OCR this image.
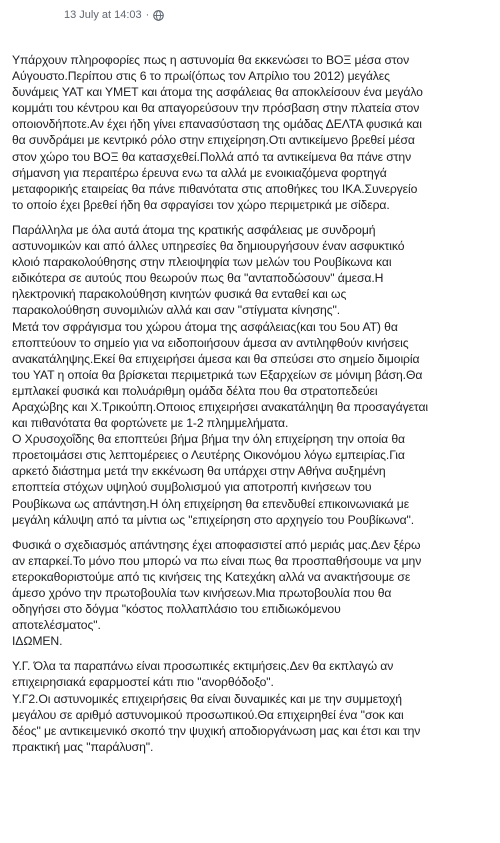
13 July at 14:03 ·

Υπάρχουν πληροφορίες πως η αστυνομία θα εκκενώσει το ΒΟΞ μέσα στον
Αύγουστο.Περίπου στις 6 το πρωί(όπως τον Απρίλιο του 2012) μεγάλες
δυνάμεις ΥΑΤ και ΥΜΕΤ και άτομα της ασφάλειας θα αποκλείσουν ένα μεγάλο
κομμάτι του κέντρου και θα απαγορεύσουν την πρόσβαση στην πλατεία στον
οποιονδήποτε.Αν έχει ήδη γίνει επανασύσταση της ομάδας ΔΕΛΤΑ φυσικά και
θα συνδράμει με κεντρικό ρόλο στην επιχείρηση.Οτι αντικείμενο βρεθεί μέσα
στον χώρο του ΒΟΞ θα κατασχεθεί.Πολλά από τα αντικείμενα θα πάνε στην
σήμανση για περαιτέρω έρευνα ενω τα αλλά με ενοικιαζόμενα φορτηγά
μεταφορικής εταιρείας θα πάνε πιθανότατα στις αποθήκες του ΙΚΑ.Συνεργείο
το οποίο έχει βρεθεί ήδη θα σφραγίσει τον χώρο περιμετρικά με σίδερα.

Παράλληλα με όλα αυτά άτομα της κρατικής ασφάλειας με συνδρομή
αστυνομικών και από άλλες υπηρεσίες θα δημιουργήσουν έναν ασφυκτικό
κλοιό παρακολούθησης στην πλειοψηφία των μελών του Ρουβίκωνα και
ειδικότερα σε αυτούς που θεωρούν πως θα "ανταποδώσουν" άμεσα.Η
ηλεκτρονική παρακολούθηση κινητών φυσικά θα ενταθεί και ως
παρακολούθηση συνομιλιών αλλά και σαν "στίγματα κίνησης".
Μετά τον σφράγισμα του χώρου άτομα της ασφάλειας(και του 5ου ΑΤ) θα
εποπτεύουν το σημείο για να ειδοποιήσουν άμεσα αν αντιληφθούν κινήσεις
ανακατάληψης.Εκεί θα επιχειρήσει άμεσα και θα σπεύσει στο σημείο διμοιρία
του ΥΑΤ η οποία θα βρίσκεται περιμετρικά των Εξαρχείων σε μόνιμη βάση.Θα
εμπλακεί φυσικά και πολυάριθμη ομάδα δέλτα που θα στρατοπεδεύει
Αραχώβης και Χ.Τρικούπη.Οποιος επιχειρήσει ανακατάληψη θα προσαγάγεται
και πιθανότατα θα φορτώνετε με 1-2 πλημμελήματα.
Ο Χρυσοχοΐδης θα εποπτεύει βήμα βήμα την όλη επιχείρηση την οποία θα
προετοιμάσει στις λεπτομέρειες ο Λευτέρης Οικονόμου λόγω εμπειρίας.Για
αρκετό διάστημα μετά την εκκένωση θα υπάρχει στην Αθήνα αυξημένη
εποπτεία στόχων υψηλού συμβολισμού για αποτροπή κινήσεων του
Ρουβίκωνα ως απάντηση.Η όλη επιχείρηση θα επενδυθεί επικοινωνιακά με
μεγάλη κάλυψη από τα μίντια ως "επιχείρηση στο αρχηγείο του Ρουβίκωνα".

Φυσικά ο σχεδιασμός απάντησης έχει αποφασιστεί από μεριάς μας.Δεν ξέρω
αν επαρκεί.Το μόνο που μπορώ να πω είναι πως θα προσπαθήσουμε να μην
ετεροκαθοριστούμε από τις κινήσεις της Κατεχάκη αλλά να ανακτήσουμε σε
άμεσο χρόνο την πρωτοβουλία των κινήσεων.Μια πρωτοβουλία που θα
οδηγήσει στο δόγμα "κόστος πολλαπλάσιο του επιδιωκόμενου
αποτελέσματος".
ΙΔΩΜΕΝ.

Υ.Γ. Όλα τα παραπάνω είναι προσωπικές εκτιμήσεις.Δεν θα εκπλαγώ αν
επιχειρησιακά εφαρμοστεί κάτι πιο "ανορθόδοξο".
Υ.Γ2.Οι αστυνομικές επιχειρήσεις θα είναι δυναμικές και με την συμμετοχή
μεγάλου σε αριθμό αστυνομικού προσωπικού.Θα επιχειρηθεί ένα "σοκ και
δέος" με αντικειμενικό σκοπό την ψυχική αποδιοργάνωση μας και έτσι και την
πρακτική μας "παράλυση".
